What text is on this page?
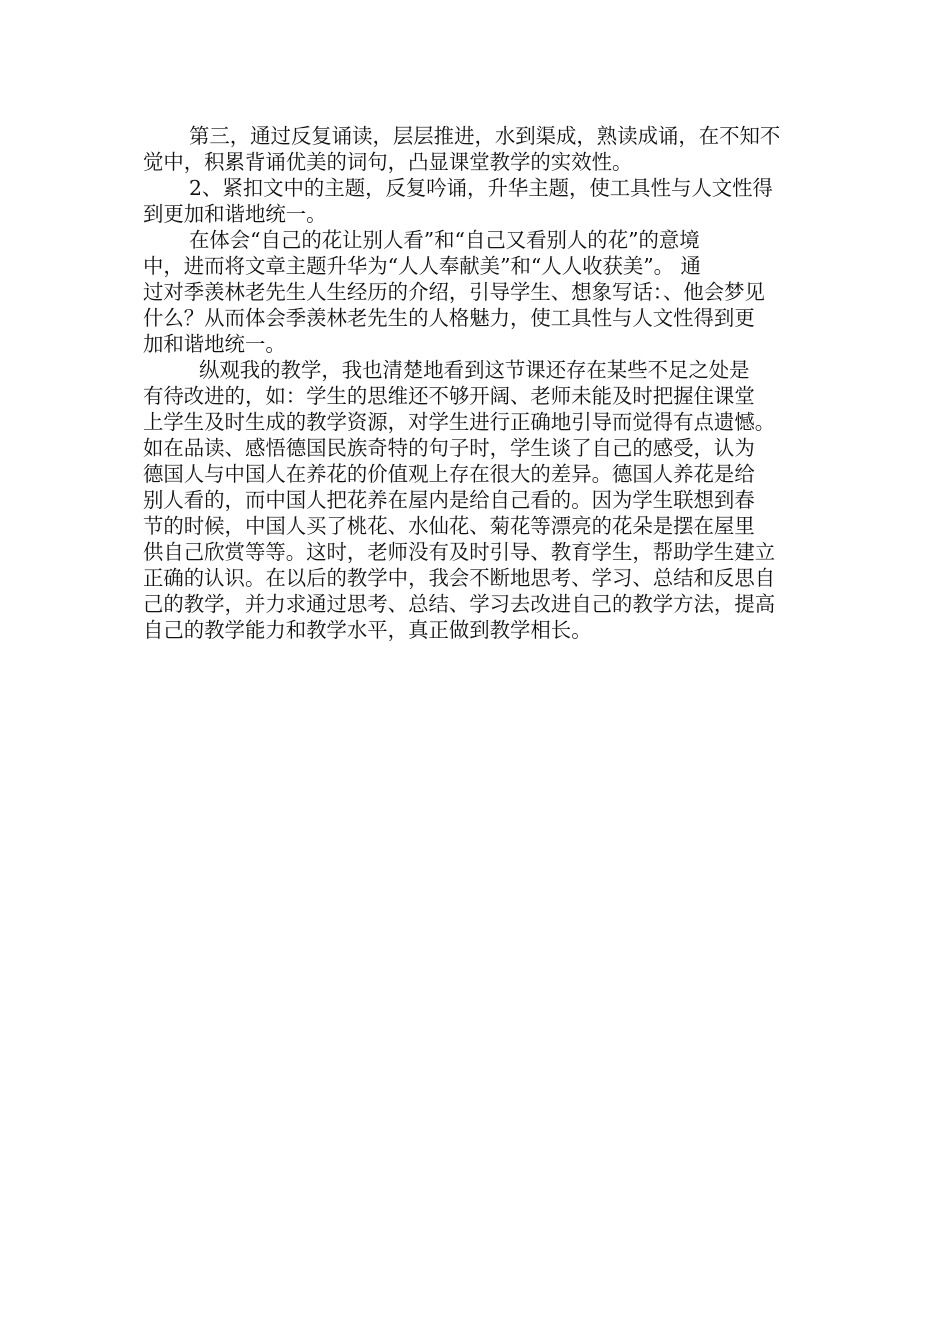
第三，通过反复诵读，层层推进，水到渠成，熟读成诵，在不知不
觉中，积累背诵优美的词句，凸显课堂教学的实效性。
2、紧扣文中的主题，反复吟诵，升华主题，使工具性与人文性得
到更加和谐地统一。
在体会“自己的花让别人看”和“自己又看别人的花”的意境
中，进而将文章主题升华为“人人奉献美”和“人人收获美”。 通
过对季羡林老先生人生经历的介绍，引导学生、想象写话：、他会梦见
什么？从而体会季羡林老先生的人格魅力，使工具性与人文性得到更
加和谐地统一。
纵观我的教学，我也清楚地看到这节课还存在某些不足之处是
有待改进的，如：学生的思维还不够开阔、老师未能及时把握住课堂
上学生及时生成的教学资源，对学生进行正确地引导而觉得有点遗憾。
如在品读、感悟德国民族奇特的句子时，学生谈了自己的感受，认为
德国人与中国人在养花的价值观上存在很大的差异。德国人养花是给
别人看的，而中国人把花养在屋内是给自己看的。因为学生联想到春
节的时候，中国人买了桃花、水仙花、菊花等漂亮的花朵是摆在屋里
供自己欣赏等等。这时，老师没有及时引导、教育学生，帮助学生建立
正确的认识。在以后的教学中，我会不断地思考、学习、总结和反思自
己的教学，并力求通过思考、总结、学习去改进自己的教学方法，提高
自己的教学能力和教学水平，真正做到教学相长。
